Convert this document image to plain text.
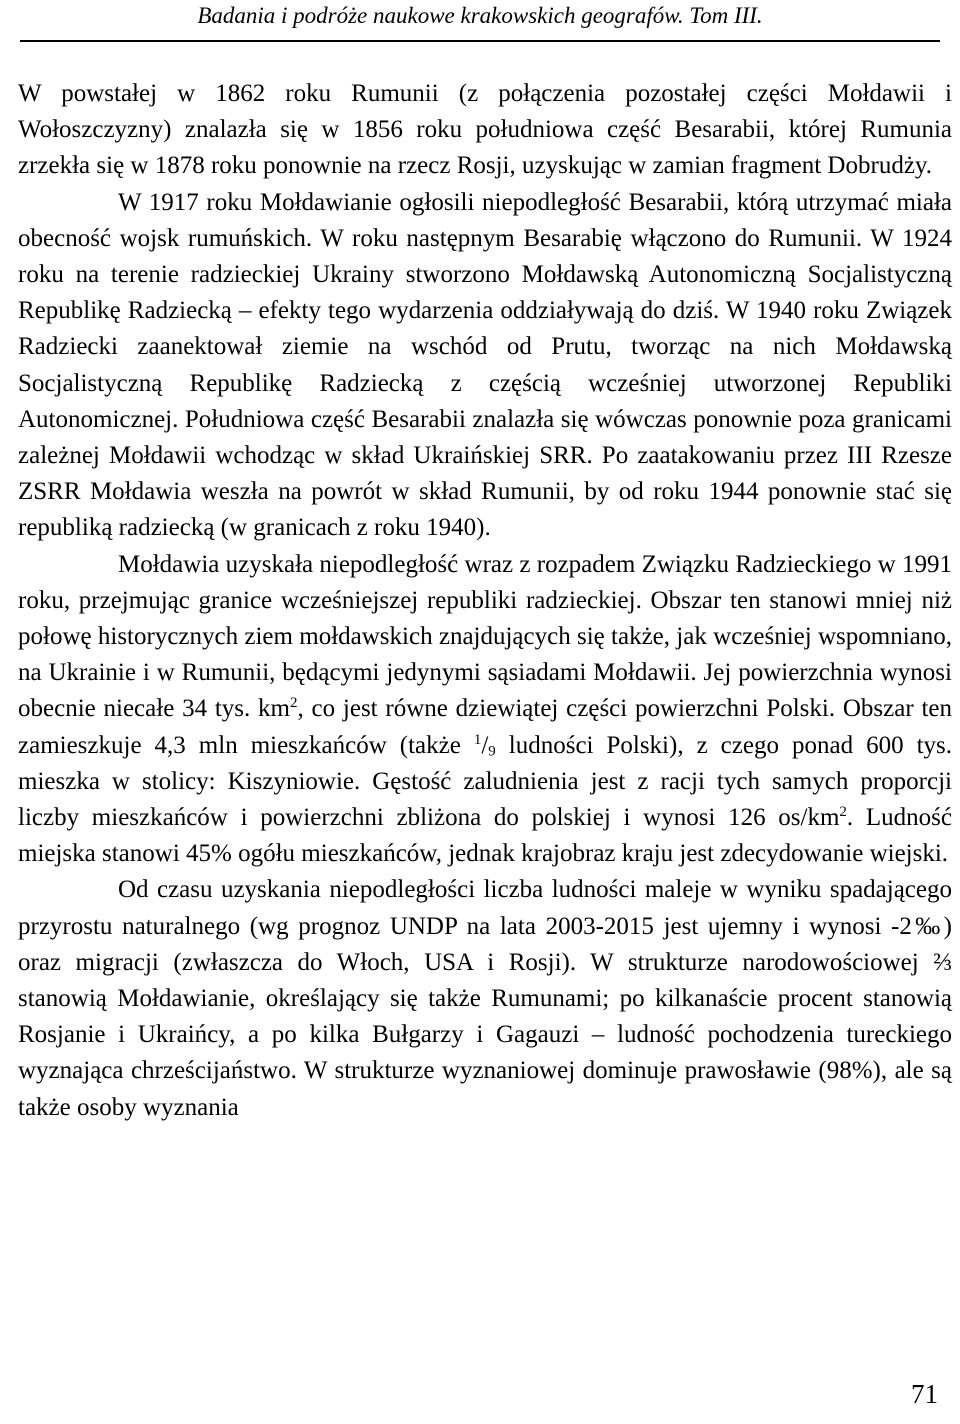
Badania i podróże naukowe krakowskich geografów. Tom III.

W powstałej w 1862 roku Rumunii (z połączenia pozostałej części Mołdawii i Wołoszczyzny) znalazła się w 1856 roku południowa część Besarabii, której Rumunia zrzekła się w 1878 roku ponownie na rzecz Rosji, uzyskując w zamian fragment Dobrudży.

W 1917 roku Mołdawianie ogłosili niepodległość Besarabii, którą utrzymać miała obecność wojsk rumuńskich. W roku następnym Besarabię włączono do Rumunii. W 1924 roku na terenie radzieckiej Ukrainy stworzono Mołdawską Autonomiczną Socjalistyczną Republikę Radziecką – efekty tego wydarzenia oddziaływają do dziś. W 1940 roku Związek Radziecki zaanektował ziemie na wschód od Prutu, tworząc na nich Mołdawską Socjalistyczną Republikę Radziecką z częścią wcześniej utworzonej Republiki Autonomicznej. Południowa część Besarabii znalazła się wówczas ponownie poza granicami zależnej Mołdawii wchodząc w skład Ukraińskiej SRR. Po zaatakowaniu przez III Rzesze ZSRR Mołdawia weszła na powrót w skład Rumunii, by od roku 1944 ponownie stać się republiką radziecką (w granicach z roku 1940).

Mołdawia uzyskała niepodległość wraz z rozpadem Związku Radzieckiego w 1991 roku, przejmując granice wcześniejszej republiki radzieckiej. Obszar ten stanowi mniej niż połowę historycznych ziem mołdawskich znajdujących się także, jak wcześniej wspomniano, na Ukrainie i w Rumunii, będącymi jedynymi sąsiadami Mołdawii. Jej powierzchnia wynosi obecnie niecałe 34 tys. $km^2$, co jest równe dziewiątej części powierzchni Polski. Obszar ten zamieszkuje 4,3 mln mieszkańców (także $^1/_9$ ludności Polski), z czego ponad 600 tys. mieszka w stolicy: Kiszyniowie. Gęstość zaludnienia jest z racji tych samych proporcji liczby mieszkańców i powierzchni zbliżona do polskiej i wynosi 126 $os/km^2$. Ludność miejska stanowi 45% ogółu mieszkańców, jednak krajobraz kraju jest zdecydowanie wiejski.

Od czasu uzyskania niepodległości liczba ludności maleje w wyniku spadającego przyrostu naturalnego (wg prognoz UNDP na lata 2003-2015 jest ujemny i wynosi -2‰) oraz migracji (zwłaszcza do Włoch, USA i Rosji). W strukturze narodowościowej ⅔ stanowią Mołdawianie, określający się także Rumunami; po kilkanaście procent stanowią Rosjanie i Ukraińcy, a po kilka Bułgarzy i Gagauzi – ludność pochodzenia tureckiego wyznająca chrześcijaństwo. W strukturze wyznaniowej dominuje prawosławie (98%), ale są także osoby wyznania

71
